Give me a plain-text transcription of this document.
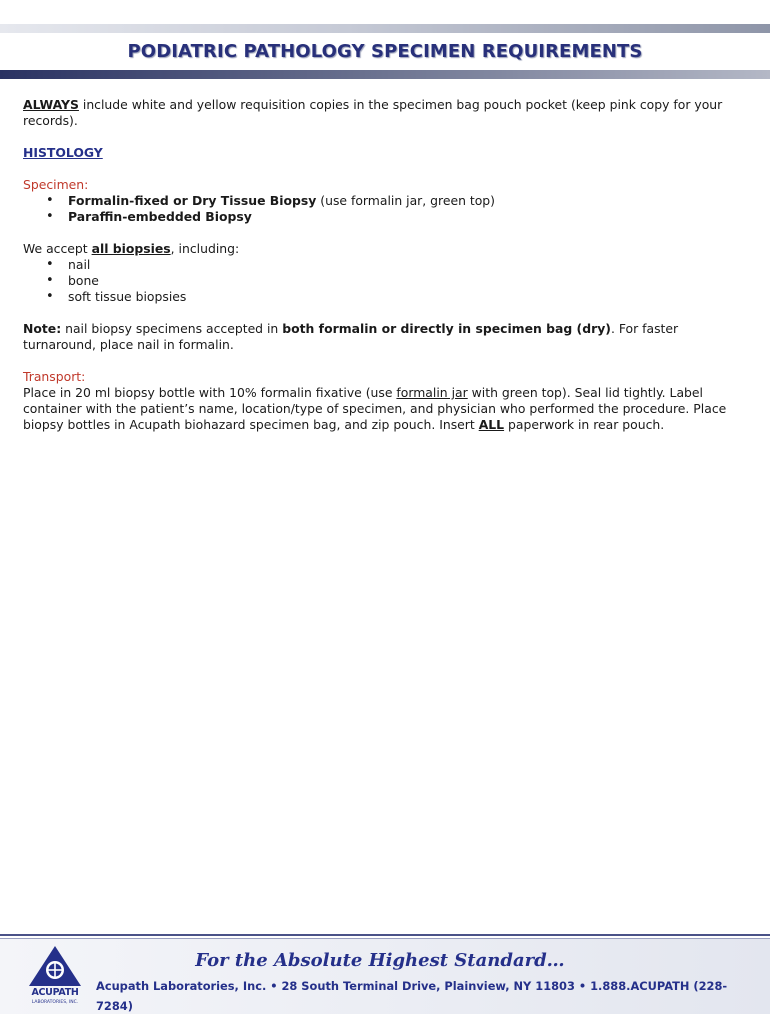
PODIATRIC PATHOLOGY SPECIMEN REQUIREMENTS

ALWAYS include white and yellow requisition copies in the specimen bag pouch pocket (keep pink copy for your records).

HISTOLOGY

Specimen:

• Formalin-fixed or Dry Tissue Biopsy (use formalin jar, green top)
• Paraffin-embedded Biopsy

We accept all biopsies, including:

• nail
• bone
• soft tissue biopsies

Note: nail biopsy specimens accepted in both formalin or directly in specimen bag (dry). For faster turnaround, place nail in formalin.

Transport:

Place in 20 ml biopsy bottle with 10% formalin fixative (use formalin jar with green top). Seal lid tightly. Label container with the patient’s name, location/type of specimen, and physician who performed the procedure. Place biopsy bottles in Acupath biohazard specimen bag, and zip pouch. Insert ALL paperwork in rear pouch.

ACUPATH
LABORATORIES, INC.
For the Absolute Highest Standard…
Acupath Laboratories, Inc. • 28 South Terminal Drive, Plainview, NY 11803 • 1.888.ACUPATH (228-7284)
